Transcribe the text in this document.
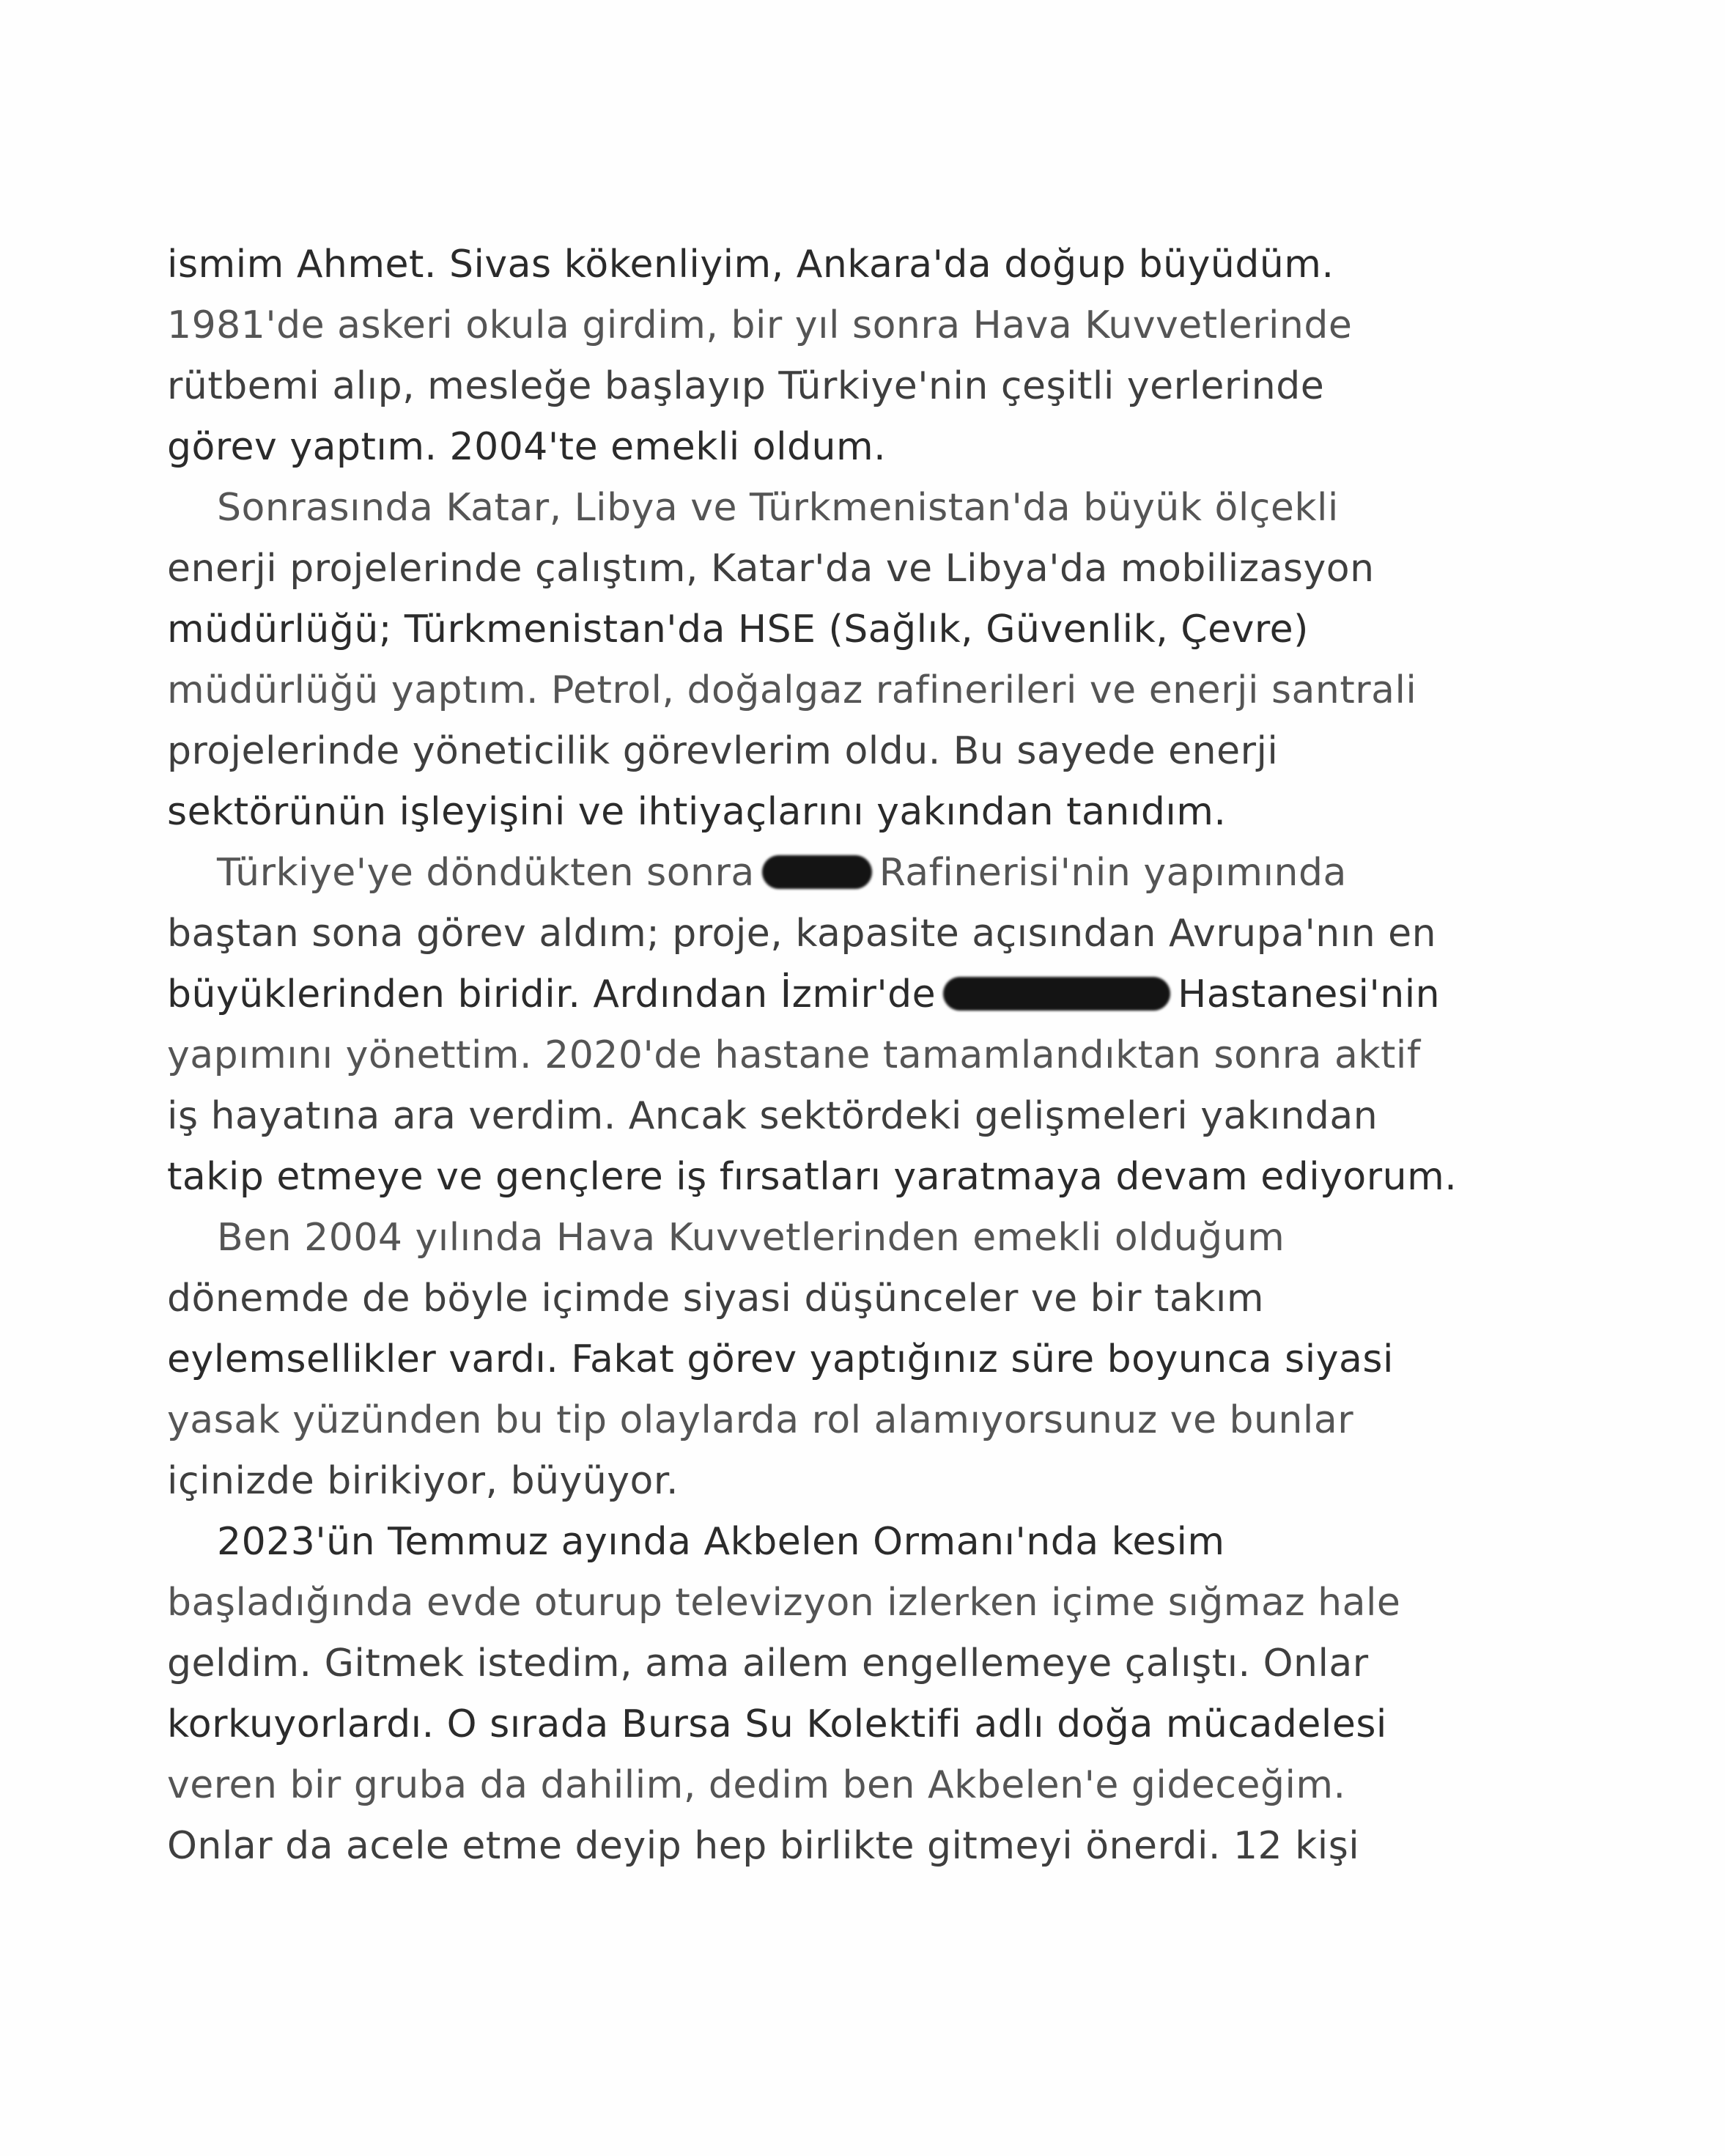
ismim Ahmet. Sivas kökenliyim, Ankara'da doğup büyüdüm.
1981'de askeri okula girdim, bir yıl sonra Hava Kuvvetlerinde
rütbemi alıp, mesleğe başlayıp Türkiye'nin çeşitli yerlerinde
görev yaptım. 2004'te emekli oldum.
Sonrasında Katar, Libya ve Türkmenistan'da büyük ölçekli
enerji projelerinde çalıştım, Katar'da ve Libya'da mobilizasyon
müdürlüğü; Türkmenistan'da HSE (Sağlık, Güvenlik, Çevre)
müdürlüğü yaptım. Petrol, doğalgaz rafinerileri ve enerji santrali
projelerinde yöneticilik görevlerim oldu. Bu sayede enerji
sektörünün işleyişini ve ihtiyaçlarını yakından tanıdım.
Türkiye'ye döndükten sonra	Rafinerisi'nin yapımında
baştan sona görev aldım; proje, kapasite açısından Avrupa'nın en
büyüklerinden biridir. Ardından İzmir'de	Hastanesi'nin
yapımını yönettim. 2020'de hastane tamamlandıktan sonra aktif
iş hayatına ara verdim. Ancak sektördeki gelişmeleri yakından
takip etmeye ve gençlere iş fırsatları yaratmaya devam ediyorum.
Ben 2004 yılında Hava Kuvvetlerinden emekli olduğum
dönemde de böyle içimde siyasi düşünceler ve bir takım
eylemsellikler vardı. Fakat görev yaptığınız süre boyunca siyasi
yasak yüzünden bu tip olaylarda rol alamıyorsunuz ve bunlar
içinizde birikiyor, büyüyor.
2023'ün Temmuz ayında Akbelen Ormanı'nda kesim
başladığında evde oturup televizyon izlerken içime sığmaz hale
geldim. Gitmek istedim, ama ailem engellemeye çalıştı. Onlar
korkuyorlardı. O sırada Bursa Su Kolektifi adlı doğa mücadelesi
veren bir gruba da dahilim, dedim ben Akbelen'e gideceğim.
Onlar da acele etme deyip hep birlikte gitmeyi önerdi. 12 kişi
